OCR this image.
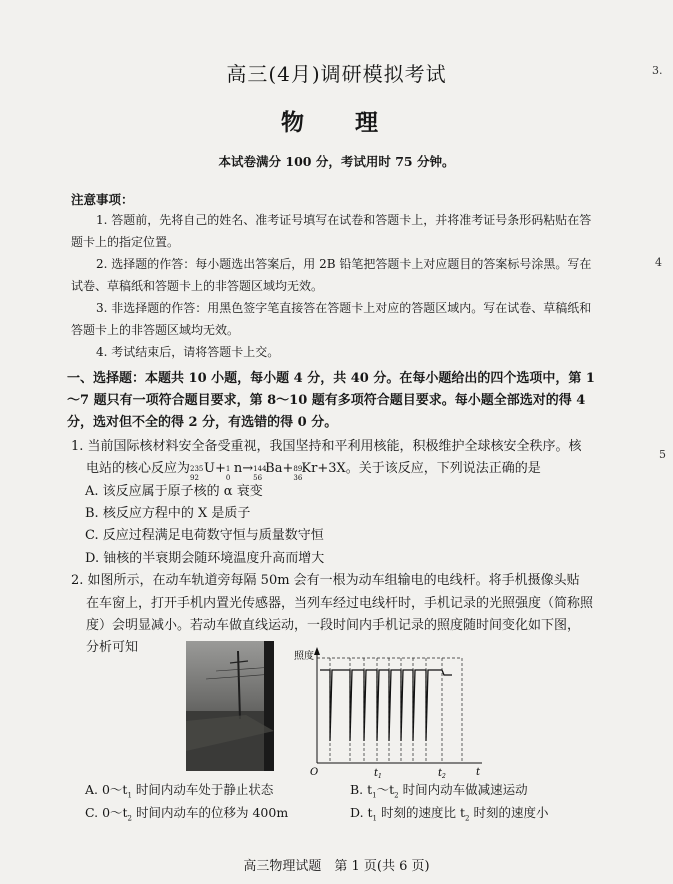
高三(4月)调研模拟考试
物　理
本试卷满分 100 分，考试用时 75 分钟。
注意事项：
1. 答题前，先将自己的姓名、准考证号填写在试卷和答题卡上，并将准考证号条形码粘贴在答题卡上的指定位置。
2. 选择题的作答：每小题选出答案后，用 2B 铅笔把答题卡上对应题目的答案标号涂黑。写在试卷、草稿纸和答题卡上的非答题区域均无效。
3. 非选择题的作答：用黑色签字笔直接答在答题卡上对应的答题区域内。写在试卷、草稿纸和答题卡上的非答题区域均无效。
4. 考试结束后，请将答题卡上交。
一、选择题：本题共 10 小题，每小题 4 分，共 40 分。在每小题给出的四个选项中，第 1～7 题只有一项符合题目要求，第 8～10 题有多项符合题目要求。每小题全部选对的得 4 分，选对但不全的得 2 分，有选错的得 0 分。
1. 当前国际核材料安全备受重视，我国坚持和平利用核能，积极维护全球核安全秩序。核
电站的核心反应为 235
92
U+ 1
0
n→ 144
56
Ba+ 89
36
Kr+3X。关于该反应，下列说法正确的是
A. 该反应属于原子核的 α 衰变
B. 核反应方程中的 X 是质子
C. 反应过程满足电荷数守恒与质量数守恒
D. 铀核的半衰期会随环境温度升高而增大
2. 如图所示，在动车轨道旁每隔 50m 会有一根为动车组输电的电线杆。将手机摄像头贴
在车窗上，打开手机内置光传感器，当列车经过电线杆时，手机记录的光照强度（简称照
度）会明显减小。若动车做直线运动，一段时间内手机记录的照度随时间变化如下图，
分析可知
照度
O	$t_1$	$t_2$	t
A. $0\sim t_1$ 时间内动车处于静止状态	B. $t_1\sim t_2$ 时间内动车做减速运动
C. $0\sim t_2$ 时间内动车的位移为 400m	D. $t_1$ 时刻的速度比 $t_2$ 时刻的速度小
高三物理试题　第 1 页(共 6 页)
3.
4
5
